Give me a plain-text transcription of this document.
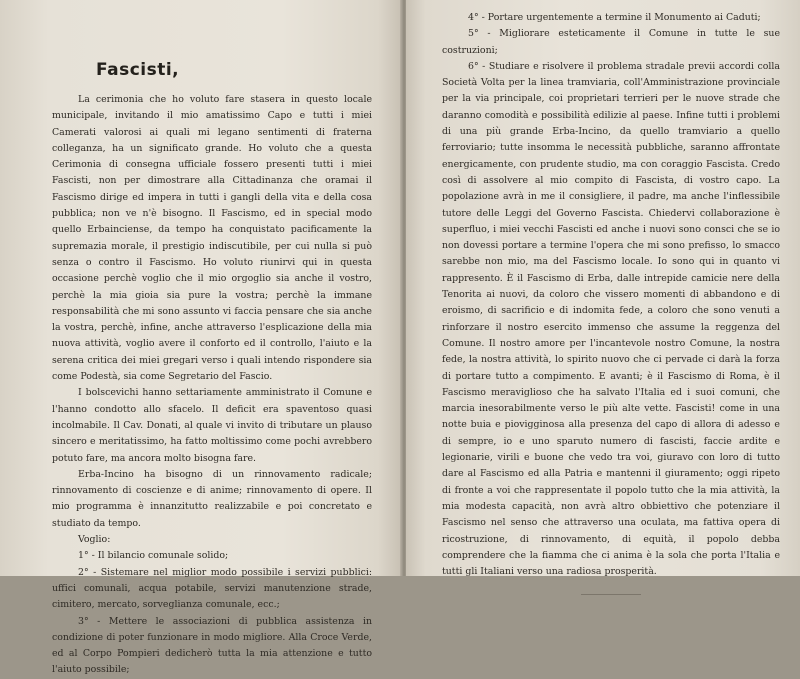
Fascisti,

La cerimonia che ho voluto fare stasera in questo locale municipale, invitando il mio amatissimo Capo e tutti i miei Camerati valorosi ai quali mi legano sentimenti di fraterna colleganza, ha un significato grande. Ho voluto che a questa Cerimonia di consegna ufficiale fossero presenti tutti i miei Fascisti, non per dimostrare alla Cittadinanza che oramai il Fascismo dirige ed impera in tutti i gangli della vita e della cosa pubblica; non ve n'è bisogno. Il Fascismo, ed in special modo quello Erbainciense, da tempo ha conquistato pacificamente la supremazia morale, il prestigio indiscutibile, per cui nulla si può senza o contro il Fascismo. Ho voluto riunirvi qui in questa occasione perchè voglio che il mio orgoglio sia anche il vostro, perchè la mia gioia sia pure la vostra; perchè la immane responsabilità che mi sono assunto vi faccia pensare che sia anche la vostra, perchè, infine, anche attraverso l'esplicazione della mia nuova attività, voglio avere il conforto ed il controllo, l'aiuto e la serena critica dei miei gregari verso i quali intendo rispondere sia come Podestà, sia come Segretario del Fascio.

I bolscevichi hanno settariamente amministrato il Comune e l'hanno condotto allo sfacelo. Il deficit era spaventoso quasi incolmabile. Il Cav. Donati, al quale vi invito di tributare un plauso sincero e meritatissimo, ha fatto moltissimo come pochi avrebbero potuto fare, ma ancora molto bisogna fare.

Erba-Incino ha bisogno di un rinnovamento radicale; rinnovamento di coscienze e di anime; rinnovamento di opere. Il mio programma è innanzitutto realizzabile e poi concretato e studiato da tempo.

Voglio:

1° - Il bilancio comunale solido;

2° - Sistemare nel miglior modo possibile i servizi pubblici: uffici comunali, acqua potabile, servizi manutenzione strade, cimitero, mercato, sorveglianza comunale, ecc.;

3° - Mettere le associazioni di pubblica assistenza in condizione di poter funzionare in modo migliore. Alla Croce Verde, ed al Corpo Pompieri dedicherò tutta la mia attenzione e tutto l'aiuto possibile;

4° - Portare urgentemente a termine il Monumento ai Caduti;

5° - Migliorare esteticamente il Comune in tutte le sue costruzioni;

6° - Studiare e risolvere il problema stradale previi accordi colla Società Volta per la linea tramviaria, coll'Amministrazione provinciale per la via principale, coi proprietari terrieri per le nuove strade che daranno comodità e possibilità edilizie al paese. Infine tutti i problemi di una più grande Erba-Incino, da quello tramviario a quello ferroviario; tutte insomma le necessità pubbliche, saranno affrontate energicamente, con prudente studio, ma con coraggio Fascista. Credo così di assolvere al mio compito di Fascista, di vostro capo. La popolazione avrà in me il consigliere, il padre, ma anche l'inflessibile tutore delle Leggi del Governo Fascista. Chiedervi collaborazione è superfluo, i miei vecchi Fascisti ed anche i nuovi sono consci che se io non dovessi portare a termine l'opera che mi sono prefisso, lo smacco sarebbe non mio, ma del Fascismo locale. Io sono qui in quanto vi rappresento. È il Fascismo di Erba, dalle intrepide camicie nere della Tenorita ai nuovi, da coloro che vissero momenti di abbandono e di eroismo, di sacrificio e di indomita fede, a coloro che sono venuti a rinforzare il nostro esercito immenso che assume la reggenza del Comune. Il nostro amore per l'incantevole nostro Comune, la nostra fede, la nostra attività, lo spirito nuovo che ci pervade ci darà la forza di portare tutto a compimento. E avanti; è il Fascismo di Roma, è il Fascismo meraviglioso che ha salvato l'Italia ed i suoi comuni, che marcia inesorabilmente verso le più alte vette. Fascisti! come in una notte buia e piovigginosa alla presenza del capo di allora di adesso e di sempre, io e uno sparuto numero di fascisti, faccie ardite e legionarie, virili e buone che vedo tra voi, giuravo con loro di tutto dare al Fascismo ed alla Patria e mantenni il giuramento; oggi ripeto di fronte a voi che rappresentate il popolo tutto che la mia attività, la mia modesta capacità, non avrà altro obbiettivo che potenziare il Fascismo nel senso che attraverso una oculata, ma fattiva opera di ricostruzione, di rinnovamento, di equità, il popolo debba comprendere che la fiamma che ci anima è la sola che porta l'Italia e tutti gli Italiani verso una radiosa prosperità.
